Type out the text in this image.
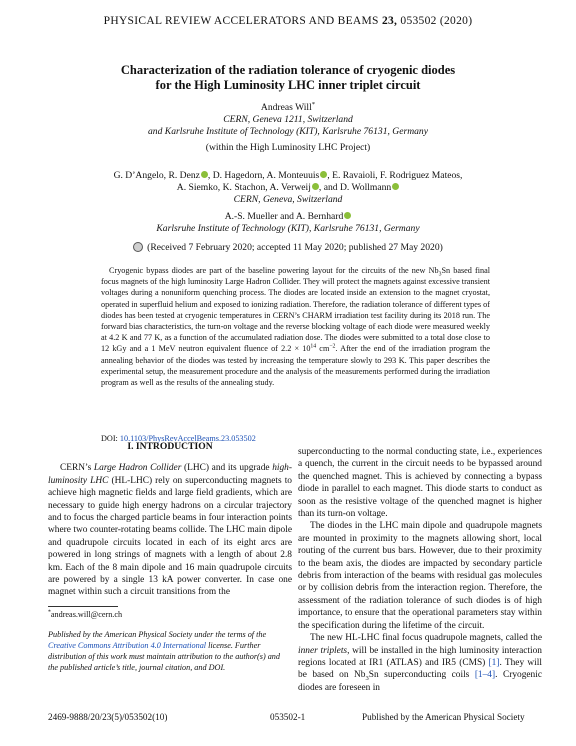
PHYSICAL REVIEW ACCELERATORS AND BEAMS 23, 053502 (2020)
Characterization of the radiation tolerance of cryogenic diodes
for the High Luminosity LHC inner triplet circuit
Andreas Will*
CERN, Geneva 1211, Switzerland
and Karlsruhe Institute of Technology (KIT), Karlsruhe 76131, Germany
(within the High Luminosity LHC Project)
G. D’Angelo, R. Denz , D. Hagedorn, A. Monteuuis , E. Ravaioli, F. Rodriguez Mateos,
A. Siemko, K. Stachon, A. Verweij , and D. Wollmann
CERN, Geneva, Switzerland
A.-S. Mueller and A. Bernhard
Karlsruhe Institute of Technology (KIT), Karlsruhe 76131, Germany
(Received 7 February 2020; accepted 11 May 2020; published 27 May 2020)
Cryogenic bypass diodes are part of the baseline powering layout for the circuits of the new $Nb_3Sn$ based final focus magnets of the high luminosity Large Hadron Collider. They will protect the magnets against excessive transient voltages during a nonuniform quenching process. The diodes are located inside an extension to the magnet cryostat, operated in superfluid helium and exposed to ionizing radiation. Therefore, the radiation tolerance of different types of diodes has been tested at cryogenic temperatures in CERN’s CHARM irradiation test facility during its 2018 run. The forward bias characteristics, the turn-on voltage and the reverse blocking voltage of each diode were measured weekly at 4.2 K and 77 K, as a function of the accumulated radiation dose. The diodes were submitted to a total dose close to 12 kGy and a 1 MeV neutron equivalent fluence of $2.2 \times 10^{14}$ $cm^{-2}$. After the end of the irradiation program the annealing behavior of the diodes was tested by increasing the temperature slowly to 293 K. This paper describes the experimental setup, the measurement procedure and the analysis of the measurements performed during the irradiation program as well as the results of the annealing study.
DOI: 10.1103/PhysRevAccelBeams.23.053502
I. INTRODUCTION

CERN’s Large Hadron Collider (LHC) and its upgrade high-luminosity LHC (HL-LHC) rely on superconducting magnets to achieve high magnetic fields and large field gradients, which are necessary to guide high energy hadrons on a circular trajectory and to focus the charged particle beams in four interaction points where two counter-rotating beams collide. The LHC main dipole and quadrupole circuits located in each of its eight arcs are powered in long strings of magnets with a length of about 2.8 km. Each of the 8 main dipole and 16 main quadrupole circuits are powered by a single 13 kA power converter. In case one magnet within such a circuit transitions from the

*andreas.will@cern.ch
Published by the American Physical Society under the terms of the Creative Commons Attribution 4.0 International license. Further distribution of this work must maintain attribution to the author(s) and the published article’s title, journal citation, and DOI.

superconducting to the normal conducting state, i.e., experiences a quench, the current in the circuit needs to be bypassed around the quenched magnet. This is achieved by connecting a bypass diode in parallel to each magnet. This diode starts to conduct as soon as the resistive voltage of the quenched magnet is higher than its turn-on voltage.

The diodes in the LHC main dipole and quadrupole magnets are mounted in proximity to the magnets allowing short, local routing of the current bus bars. However, due to their proximity to the beam axis, the diodes are impacted by secondary particle debris from interaction of the beams with residual gas molecules or by collision debris from the interaction region. Therefore, the assessment of the radiation tolerance of such diodes is of high importance, to ensure that the operational parameters stay within the specification during the lifetime of the circuit.

The new HL-LHC final focus quadrupole magnets, called the inner triplets, will be installed in the high luminosity interaction regions located at IR1 (ATLAS) and IR5 (CMS) [1]. They will be based on $Nb_3Sn$ superconducting coils [1–4]. Cryogenic diodes are foreseen in

2469-9888/20/23(5)/053502(10)	053502-1	Published by the American Physical Society
